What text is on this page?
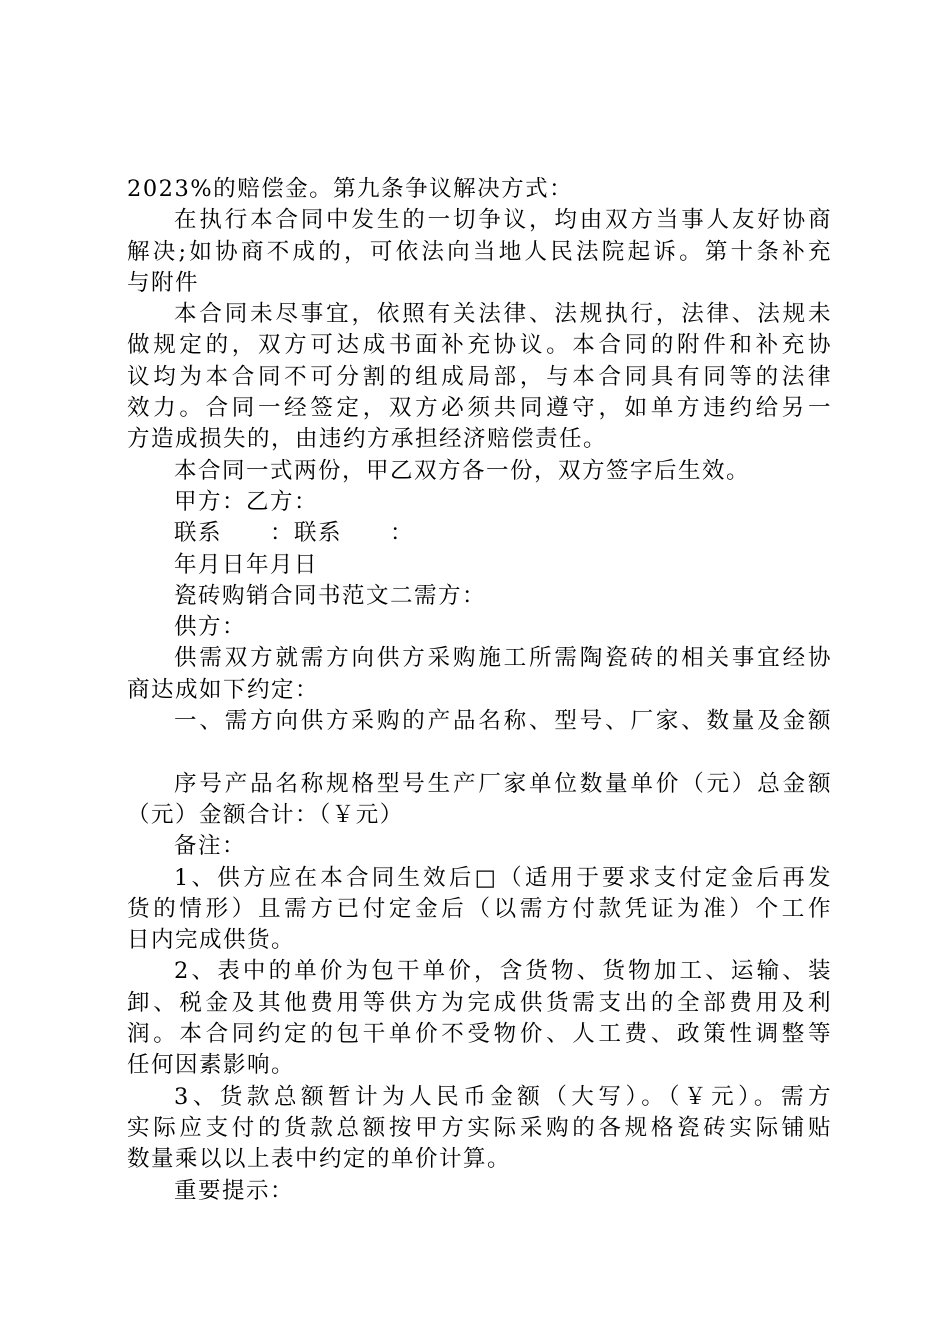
2023%的赔偿金。第九条争议解决方式：
在执行本合同中发生的一切争议，均由双方当事人友好协商
解决;如协商不成的，可依法向当地人民法院起诉。第十条补充
与附件
本合同未尽事宜，依照有关法律、法规执行，法律、法规未
做规定的，双方可达成书面补充协议。本合同的附件和补充协
议均为本合同不可分割的组成局部，与本合同具有同等的法律
效力。合同一经签定，双方必须共同遵守，如单方违约给另一
方造成损失的，由违约方承担经济赔偿责任。
本合同一式两份，甲乙双方各一份，双方签字后生效。
甲方：乙方：
联系　　：联系　　：
年月日年月日
瓷砖购销合同书范文二需方：
供方：
供需双方就需方向供方采购施工所需陶瓷砖的相关事宜经协
商达成如下约定：
一、需方向供方采购的产品名称、型号、厂家、数量及金额
序号产品名称规格型号生产厂家单位数量单价（元）总金额
（元）金额合计：（￥元）
备注：
1、供方应在本合同生效后□（适用于要求支付定金后再发
货的情形）且需方已付定金后（以需方付款凭证为准）个工作
日内完成供货。
2、表中的单价为包干单价，含货物、货物加工、运输、装
卸、税金及其他费用等供方为完成供货需支出的全部费用及利
润。本合同约定的包干单价不受物价、人工费、政策性调整等
任何因素影响。
3、货款总额暂计为人民币金额（大写）。（￥元）。需方
实际应支付的货款总额按甲方实际采购的各规格瓷砖实际铺贴
数量乘以以上表中约定的单价计算。
重要提示：
